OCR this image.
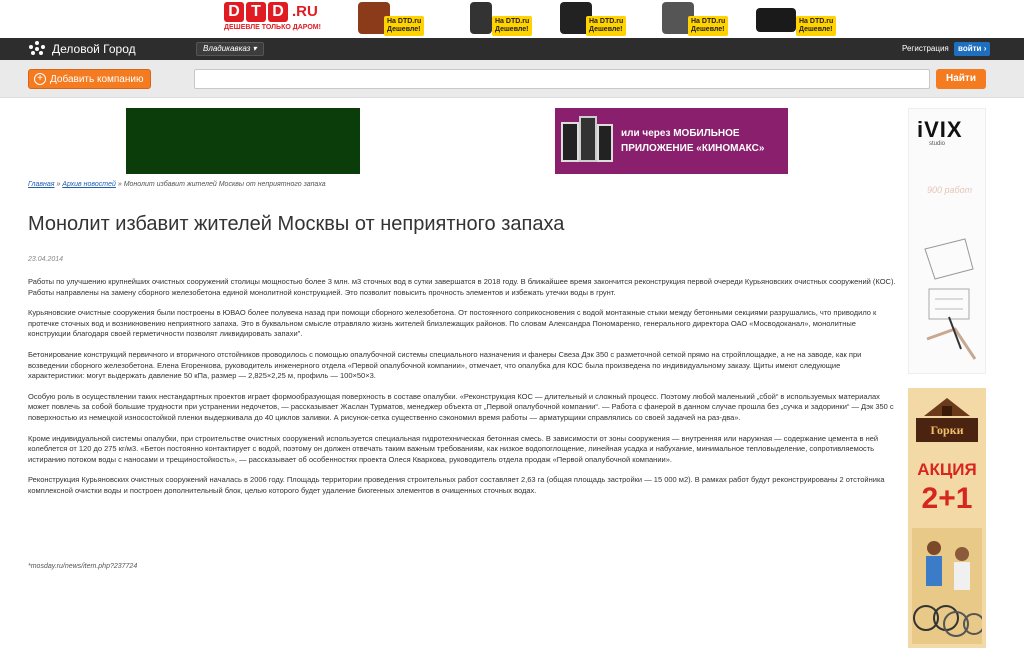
D T D .RU
ДЕШЕВЛЕ ТОЛЬКО ДАРОМ!
На DTD.ru
Дешевле!
На DTD.ru
Дешевле!
На DTD.ru
Дешевле!
На DTD.ru
Дешевле!
На DTD.ru
Дешевле!
Деловой Город	Владикавказ ▾	Регистрация	войти ›
+ Добавить компанию	Найти
или через МОБИЛЬНОЕ
ПРИЛОЖЕНИЕ «КИНОМАКС»
iVIX
studio
900 работ
Горки
АКЦИЯ
2+1
Главная » Архив новостей » Монолит избавит жителей Москвы от неприятного запаха
Монолит избавит жителей Москвы от неприятного запаха
23.04.2014

Работы по улучшению крупнейших очистных сооружений столицы мощностью более 3 млн. м3 сточных вод в сутки завершатся в 2018 году. В ближайшее время закончится реконструкция первой очереди Курьяновских очистных сооружений (КОС). Работы направлены на замену сборного железобетона единой монолитной конструкцией. Это позволит повысить прочность элементов и избежать утечки воды в грунт.

Курьяновские очистные сооружения были построены в ЮВАО более полувека назад при помощи сборного железобетона. От постоянного соприкосновения с водой монтажные стыки между бетонными секциями разрушались, что приводило к протечке сточных вод и возникновению неприятного запаха. Это в буквальном смысле отравляло жизнь жителей близлежащих районов. По словам Александра Пономаренко, генерального директора ОАО «Мосводоканал», монолитные конструкции благодаря своей герметичности позволят ликвидировать запахи".

Бетонирование конструкций первичного и вторичного отстойников проводилось с помощью опалубочной системы специального назначения и фанеры Свеза Дэк 350 с разметочной сеткой прямо на стройплощадке, а не на заводе, как при возведении сборного железобетона. Елена Егоренкова, руководитель инженерного отдела «Первой опалубочной компании», отмечает, что опалубка для КОС была произведена по индивидуальному заказу. Щиты имеют следующие характеристики: могут выдержать давление 50 кПа, размер — 2,825×2,25 м, профиль — 100×50×3.

Особую роль в осуществлении таких нестандартных проектов играет формообразующая поверхность в составе опалубки. «Реконструкция КОС — длительный и сложный процесс. Поэтому любой маленький „сбой“ в используемых материалах может повлечь за собой большие трудности при устранении недочетов, — рассказывает Жаслан Турматов, менеджер объекта от „Первой опалубочной компании“. — Работа с фанерой в данном случае прошла без „сучка и задоринки“ — Дэк 350 с поверхностью из немецкой износостойкой пленки выдерживала до 40 циклов заливки. А рисунок-сетка существенно сэкономил время работы — арматурщики справлялись со своей задачей на раз-два».

Кроме индивидуальной системы опалубки, при строительстве очистных сооружений используется специальная гидротехническая бетонная смесь. В зависимости от зоны сооружения — внутренняя или наружная — содержание цемента в ней колеблется от 120 до 275 кг/м3. «Бетон постоянно контактирует с водой, поэтому он должен отвечать таким важным требованиям, как низкое водопоглощение, линейная усадка и набухание, минимальное тепловыделение, сопротивляемость истиранию потоком воды с наносами и трещиностойкость», — рассказывает об особенностях проекта Олеся Кваркова, руководитель отдела продаж «Первой опалубочной компании».

Реконструкция Курьяновских очистных сооружений началась в 2006 году. Площадь территории проведения строительных работ составляет 2,63 га (общая площадь застройки — 15 000 м2). В рамках работ будут реконструированы 2 отстойника комплексной очистки воды и построен дополнительный блок, целью которого будет удаление биогенных элементов в очищенных сточных водах.

*mosday.ru/news/item.php?237724
